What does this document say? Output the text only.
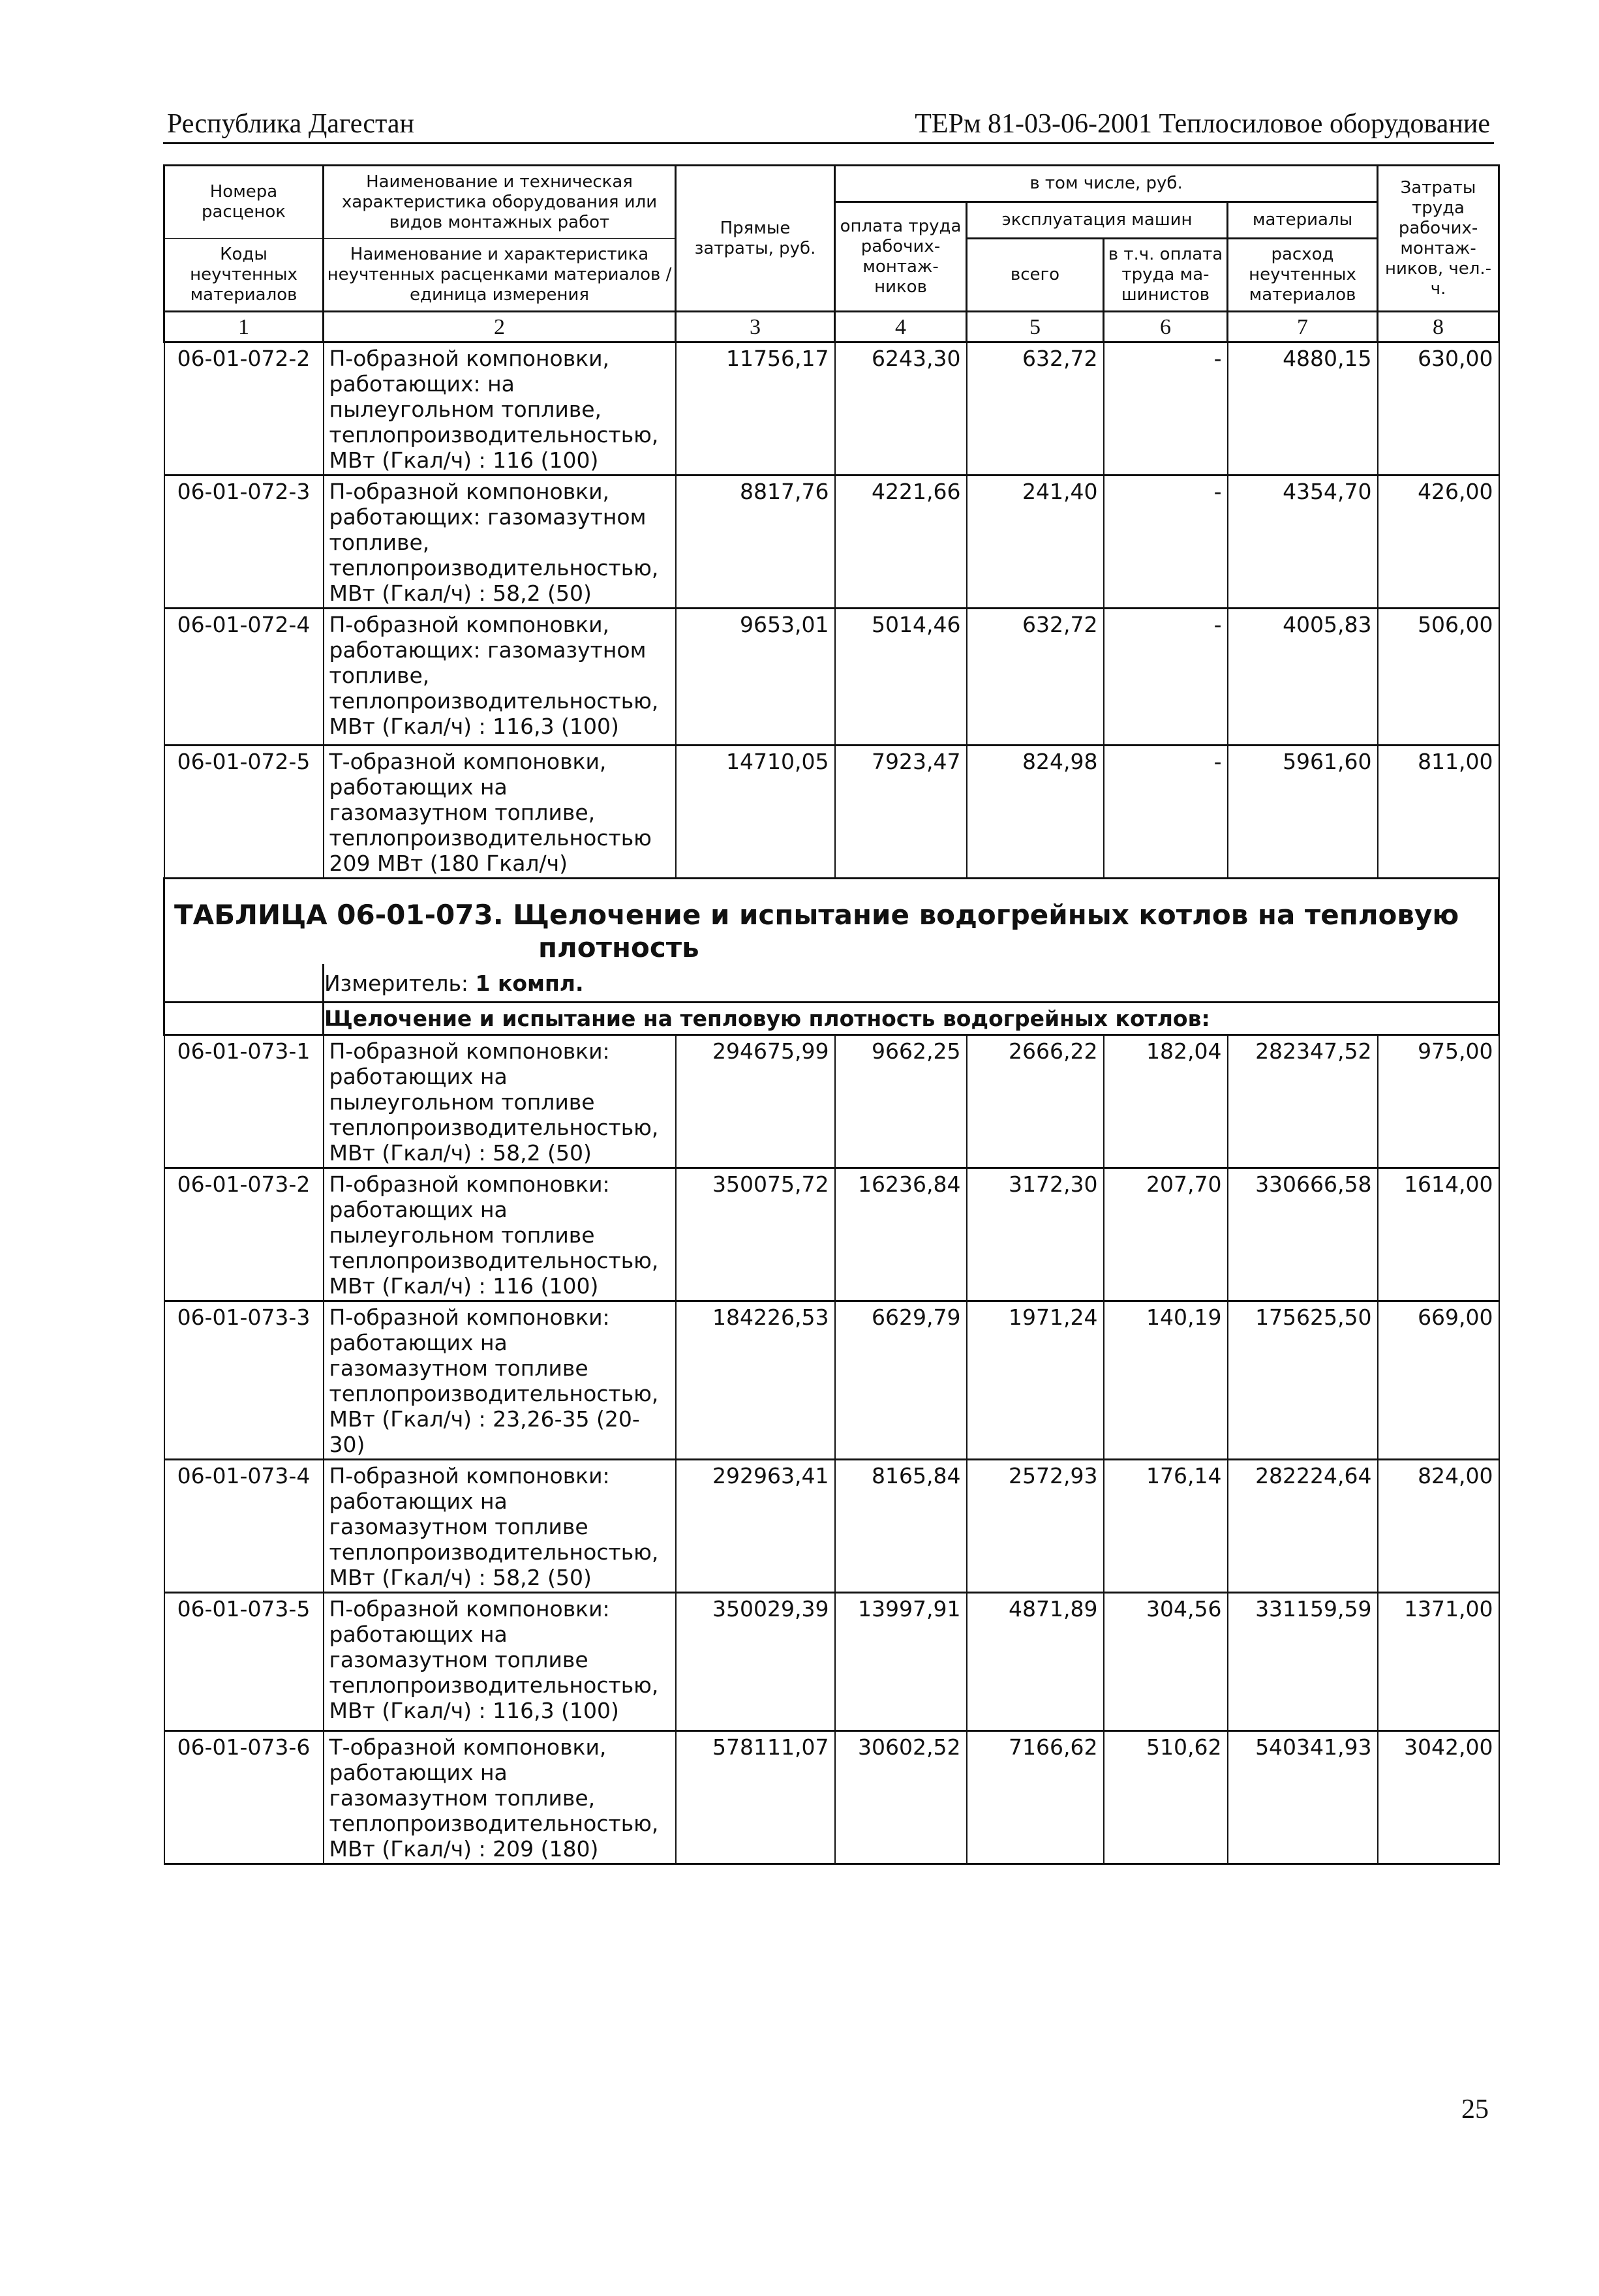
Республика Дагестан	ТЕРм 81-03-06-2001 Теплосиловое оборудование
Номера расценок	Наименование и техническая характеристика оборудования или видов монтажных работ	Прямые затраты, руб.	в том числе, руб.				Затраты труда рабочих-монтаж-ников, чел.-ч.
			оплата труда рабочих-монтаж-ников	эксплуатация машин		материалы	
Коды неучтенных материалов	Наименование и характеристика неучтенных расценками материалов / единица измерения			всего	в т.ч. оплата труда ма-шинистов	расход неучтенных материалов	

1	2	3	4	5	6	7	8
06-01-072-2	П-образной компоновки, работающих: на пылеугольном топливе, теплопроизводительностью, МВт (Гкал/ч) : 116 (100)	11756,17	6243,30	632,72	-	4880,15	630,00
06-01-072-3	П-образной компоновки, работающих: газомазутном топливе, теплопроизводительностью, МВт (Гкал/ч) : 58,2 (50)	8817,76	4221,66	241,40	-	4354,70	426,00
06-01-072-4	П-образной компоновки, работающих: газомазутном топливе, теплопроизводительностью, МВт (Гкал/ч) : 116,3 (100)	9653,01	5014,46	632,72	-	4005,83	506,00
06-01-072-5	Т-образной компоновки, работающих на газомазутном топливе, теплопроизводительностью 209 МВт (180 Гкал/ч)	14710,05	7923,47	824,98	-	5961,60	811,00

ТАБЛИЦА 06-01-073. Щелочение и испытание водогрейных котлов на тепловую
плотность							

	Измеритель: 1 компл.						
	Щелочение и испытание на тепловую плотность водогрейных котлов:						
06-01-073-1	П-образной компоновки: работающих на пылеугольном топливе теплопроизводительностью, МВт (Гкал/ч) : 58,2 (50)	294675,99	9662,25	2666,22	182,04	282347,52	975,00
06-01-073-2	П-образной компоновки: работающих на пылеугольном топливе теплопроизводительностью, МВт (Гкал/ч) : 116 (100)	350075,72	16236,84	3172,30	207,70	330666,58	1614,00
06-01-073-3	П-образной компоновки: работающих на газомазутном топливе теплопроизводительностью, МВт (Гкал/ч) : 23,26-35 (20-30)	184226,53	6629,79	1971,24	140,19	175625,50	669,00
06-01-073-4	П-образной компоновки: работающих на газомазутном топливе теплопроизводительностью, МВт (Гкал/ч) : 58,2 (50)	292963,41	8165,84	2572,93	176,14	282224,64	824,00
06-01-073-5	П-образной компоновки: работающих на газомазутном топливе теплопроизводительностью, МВт (Гкал/ч) : 116,3 (100)	350029,39	13997,91	4871,89	304,56	331159,59	1371,00
06-01-073-6	Т-образной компоновки, работающих на газомазутном топливе, теплопроизводительностью, МВт (Гкал/ч) : 209 (180)	578111,07	30602,52	7166,62	510,62	540341,93	3042,00
25
